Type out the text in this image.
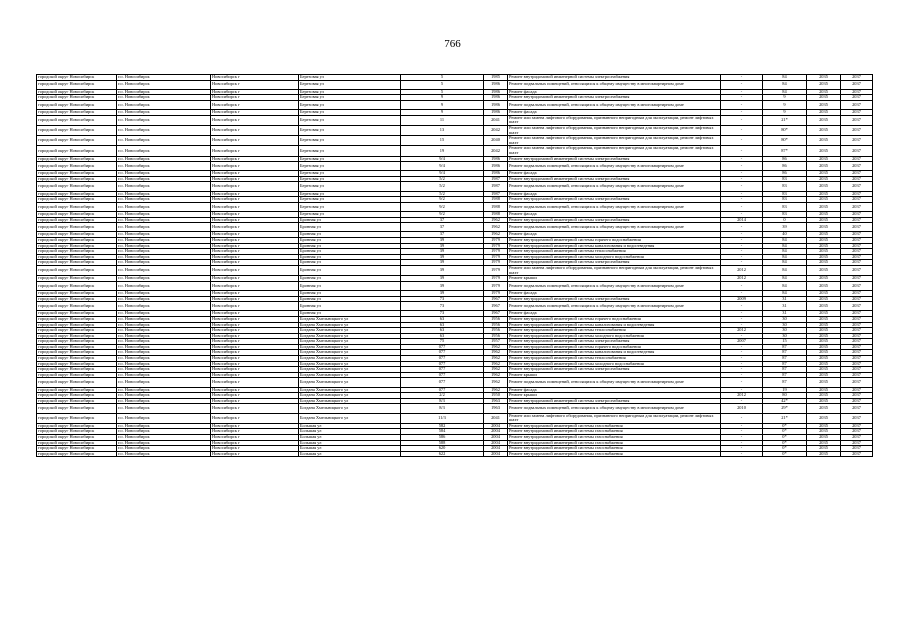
766
городской округ Новосибирск	г.о. Новосибирск	Новосибирск г	Березовая ул	5	1985	Ремонт внутридомовой инженерной системы электроснабжения	-	84	2035	2037
городской округ Новосибирск	г.о. Новосибирск	Новосибирск г	Березовая ул	5	1986	Ремонт подвальных помещений, относящихся к общему имуществу в многоквартирном доме	-	84	2035	2037
городской округ Новосибирск	г.о. Новосибирск	Новосибирск г	Березовая ул	5	1986	Ремонт фасада	-	84	2035	2037
городской округ Новосибирск	г.о. Новосибирск	Новосибирск г	Березовая ул	9	1986	Ремонт внутридомовой инженерной системы электроснабжения	-	9	2035	2037
городской округ Новосибирск	г.о. Новосибирск	Новосибирск г	Березовая ул	9	1986	Ремонт подвальных помещений, относящихся к общему имуществу в многоквартирном доме	-	9	2035	2037
городской округ Новосибирск	г.о. Новосибирск	Новосибирск г	Березовая ул	9	1986	Ремонт фасада	-	9	2035	2037
городской округ Новосибирск	г.о. Новосибирск	Новосибирск г	Березовая ул	11	2041	Ремонт или замена лифтового оборудования, признанного непригодным для эксплуатации, ремонт лифтовых шахт	-	21*	2035	2037
городской округ Новосибирск	г.о. Новосибирск	Новосибирск г	Березовая ул	13	2042	Ремонт или замена лифтового оборудования, признанного непригодным для эксплуатации, ремонт лифтовых шахт	-	80*	2035	2037
городской округ Новосибирск	г.о. Новосибирск	Новосибирск г	Березовая ул	15	2040	Ремонт или замена лифтового оборудования, признанного непригодным для эксплуатации, ремонт лифтовых шахт	-	80*	2035	2037
городской округ Новосибирск	г.о. Новосибирск	Новосибирск г	Березовая ул	19	2042	Ремонт или замена лифтового оборудования, признанного непригодным для эксплуатации, ремонт лифтовых шахт	-	87*	2035	2037
городской округ Новосибирск	г.о. Новосибирск	Новосибирск г	Березовая ул	9/4	1986	Ремонт внутридомовой инженерной системы электроснабжения	-	86	2035	2037
городской округ Новосибирск	г.о. Новосибирск	Новосибирск г	Березовая ул	9/4	1986	Ремонт подвальных помещений, относящихся к общему имуществу в многоквартирном доме	-	86	2035	2037
городской округ Новосибирск	г.о. Новосибирск	Новосибирск г	Березовая ул	9/4	1986	Ремонт фасада	-	86	2035	2037
городской округ Новосибирск	г.о. Новосибирск	Новосибирск г	Березовая ул	5/2	1987	Ремонт внутридомовой инженерной системы электроснабжения	-	83	2035	2037
городской округ Новосибирск	г.о. Новосибирск	Новосибирск г	Березовая ул	5/2	1987	Ремонт подвальных помещений, относящихся к общему имуществу в многоквартирном доме	-	83	2035	2037
городской округ Новосибирск	г.о. Новосибирск	Новосибирск г	Березовая ул	5/2	1987	Ремонт фасада	-	83	2035	2037
городской округ Новосибирск	г.о. Новосибирск	Новосибирск г	Березовая ул	9/2	1988	Ремонт внутридомовой инженерной системы электроснабжения	-	83	2035	2037
городской округ Новосибирск	г.о. Новосибирск	Новосибирск г	Березовая ул	9/2	1988	Ремонт подвальных помещений, относящихся к общему имуществу в многоквартирном доме	-	83	2035	2037
городской округ Новосибирск	г.о. Новосибирск	Новосибирск г	Березовая ул	9/2	1988	Ремонт фасада	-	83	2035	2037
городской округ Новосибирск	г.о. Новосибирск	Новосибирск г	Бронная ул	37	1962	Ремонт внутридомовой инженерной системы электроснабжения	2014	0	2035	2037
городской округ Новосибирск	г.о. Новосибирск	Новосибирск г	Бронная ул	37	1962	Ремонт подвальных помещений, относящихся к общему имуществу в многоквартирном доме	-	39	2035	2037
городской округ Новосибирск	г.о. Новосибирск	Новосибирск г	Бронная ул	37	1962	Ремонт фасада	-	40	2035	2037
городской округ Новосибирск	г.о. Новосибирск	Новосибирск г	Бронная ул	39	1979	Ремонт внутридомовой инженерной системы горячего водоснабжения	-	84	2035	2037
городской округ Новосибирск	г.о. Новосибирск	Новосибирск г	Бронная ул	39	1979	Ремонт внутридомовой инженерной системы канализования и водоотведения	-	84	2035	2037
городской округ Новосибирск	г.о. Новосибирск	Новосибирск г	Бронная ул	39	1979	Ремонт внутридомовой инженерной системы теплоснабжения	-	84	2035	2037
городской округ Новосибирск	г.о. Новосибирск	Новосибирск г	Бронная ул	39	1979	Ремонт внутридомовой инженерной системы холодного водоснабжения	-	84	2035	2037
городской округ Новосибирск	г.о. Новосибирск	Новосибирск г	Бронная ул	39	1979	Ремонт внутридомовой инженерной системы электроснабжения	-	84	2035	2037
городской округ Новосибирск	г.о. Новосибирск	Новосибирск г	Бронная ул	39	1979	Ремонт или замена лифтового оборудования, признанного непригодным для эксплуатации, ремонт лифтовых шахт	2012	84	2035	2037
городской округ Новосибирск	г.о. Новосибирск	Новосибирск г	Бронная ул	39	1979	Ремонт крыши	2012	84	2035	2037
городской округ Новосибирск	г.о. Новосибирск	Новосибирск г	Бронная ул	39	1979	Ремонт подвальных помещений, относящихся к общему имуществу в многоквартирном доме	-	84	2035	2037
городской округ Новосибирск	г.о. Новосибирск	Новосибирск г	Бронная ул	39	1979	Ремонт фасада	-	84	2035	2037
городской округ Новосибирск	г.о. Новосибирск	Новосибирск г	Бронная ул	73	1967	Ремонт внутридомовой инженерной системы электроснабжения	2009	31	2035	2037
городской округ Новосибирск	г.о. Новосибирск	Новосибирск г	Бронная ул	73	1967	Ремонт подвальных помещений, относящихся к общему имуществу в многоквартирном доме	-	31	2035	2037
городской округ Новосибирск	г.о. Новосибирск	Новосибирск г	Бронная ул	73	1967	Ремонт фасада	-	31	2035	2037
городской округ Новосибирск	г.о. Новосибирск	Новосибирск г	Богдана Хмельницкого ул	63	1956	Ремонт внутридомовой инженерной системы горячего водоснабжения	-	30	2035	2037
городской округ Новосибирск	г.о. Новосибирск	Новосибирск г	Богдана Хмельницкого ул	63	1956	Ремонт внутридомовой инженерной системы канализования и водоотведения	-	30	2035	2037
городской округ Новосибирск	г.о. Новосибирск	Новосибирск г	Богдана Хмельницкого ул	63	1956	Ремонт внутридомовой инженерной системы теплоснабжения	2012	30	2035	2037
городской округ Новосибирск	г.о. Новосибирск	Новосибирск г	Богдана Хмельницкого ул	63	1956	Ремонт внутридомовой инженерной системы холодного водоснабжения	-	30	2035	2037
городской округ Новосибирск	г.о. Новосибирск	Новосибирск г	Богдана Хмельницкого ул	75	1957	Ремонт внутридомовой инженерной системы электроснабжения	2007	15	2035	2037
городской округ Новосибирск	г.о. Новосибирск	Новосибирск г	Богдана Хмельницкого ул	077	1962	Ремонт внутридомовой инженерной системы горячего водоснабжения	-	87	2035	2037
городской округ Новосибирск	г.о. Новосибирск	Новосибирск г	Богдана Хмельницкого ул	077	1962	Ремонт внутридомовой инженерной системы канализования и водоотведения	-	87	2035	2037
городской округ Новосибирск	г.о. Новосибирск	Новосибирск г	Богдана Хмельницкого ул	077	1962	Ремонт внутридомовой инженерной системы теплоснабжения	-	87	2035	2037
городской округ Новосибирск	г.о. Новосибирск	Новосибирск г	Богдана Хмельницкого ул	077	1962	Ремонт внутридомовой инженерной системы холодного водоснабжения	-	87	2035	2037
городской округ Новосибирск	г.о. Новосибирск	Новосибирск г	Богдана Хмельницкого ул	077	1962	Ремонт внутридомовой инженерной системы электроснабжения	-	87	2035	2037
городской округ Новосибирск	г.о. Новосибирск	Новосибирск г	Богдана Хмельницкого ул	077	1962	Ремонт крыши	-	87	2035	2037
городской округ Новосибирск	г.о. Новосибирск	Новосибирск г	Богдана Хмельницкого ул	077	1962	Ремонт подвальных помещений, относящихся к общему имуществу в многоквартирном доме	-	87	2035	2037
городской округ Новосибирск	г.о. Новосибирск	Новосибирск г	Богдана Хмельницкого ул	077	1962	Ремонт фасада	-	19	2035	2037
городской округ Новосибирск	г.о. Новосибирск	Новосибирск г	Богдана Хмельницкого ул	2/2	1950	Ремонт крыши	2012	80	2035	2037
городской округ Новосибирск	г.о. Новосибирск	Новосибирск г	Богдана Хмельницкого ул	8/3	1963	Ремонт внутридомовой инженерной системы электроснабжения	-	42*	2035	2037
городской округ Новосибирск	г.о. Новосибирск	Новосибирск г	Богдана Хмельницкого ул	8/3	1963	Ремонт подвальных помещений, относящихся к общему имуществу в многоквартирном доме	2010	29*	2035	2037
городской округ Новосибирск	г.о. Новосибирск	Новосибирск г	Богдана Хмельницкого ул	11/3	2041	Ремонт или замена лифтового оборудования, признанного непригодным для эксплуатации, ремонт лифтовых шахт	-	21*	2035	2037
городской округ Новосибирск	г.о. Новосибирск	Новосибирск г	Большая ул	582	2004	Ремонт внутридомовой инженерной системы газоснабжения	-	0*	2035	2037
городской округ Новосибирск	г.о. Новосибирск	Новосибирск г	Большая ул	584	2004	Ремонт внутридомовой инженерной системы газоснабжения	-	0*	2035	2037
городской округ Новосибирск	г.о. Новосибирск	Новосибирск г	Большая ул	586	2004	Ремонт внутридомовой инженерной системы газоснабжения	-	0*	2035	2037
городской округ Новосибирск	г.о. Новосибирск	Новосибирск г	Большая ул	588	2004	Ремонт внутридомовой инженерной системы газоснабжения	-	0*	2035	2037
городской округ Новосибирск	г.о. Новосибирск	Новосибирск г	Большая ул	620	2004	Ремонт внутридомовой инженерной системы газоснабжения	-	0*	2035	2037
городской округ Новосибирск	г.о. Новосибирск	Новосибирск г	Большая ул	622	2004	Ремонт внутридомовой инженерной системы газоснабжения	-	0*	2035	2037
